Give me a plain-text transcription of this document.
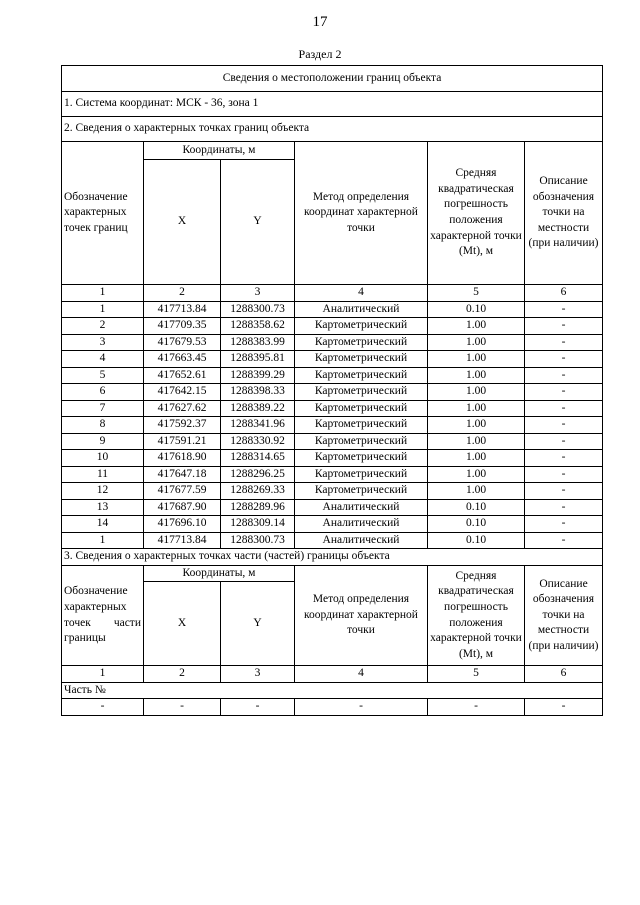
17
Раздел 2
Сведения о местоположении границ объекта					
1. Система координат: МСК - 36, зона 1					
2. Сведения о характерных точках границ объекта					
Обозначение характерных точек границ	Координаты, м		Метод определения координат характерной точки	Средняя квадратическая погрешность положения характерной точки (Mt), м	Описание обозначения точки на местности (при наличии)
	X	Y			
1	2	3	4	5	6
1	417713.84	1288300.73	Аналитический	0.10	-
2	417709.35	1288358.62	Картометрический	1.00	-
3	417679.53	1288383.99	Картометрический	1.00	-
4	417663.45	1288395.81	Картометрический	1.00	-
5	417652.61	1288399.29	Картометрический	1.00	-
6	417642.15	1288398.33	Картометрический	1.00	-
7	417627.62	1288389.22	Картометрический	1.00	-
8	417592.37	1288341.96	Картометрический	1.00	-
9	417591.21	1288330.92	Картометрический	1.00	-
10	417618.90	1288314.65	Картометрический	1.00	-
11	417647.18	1288296.25	Картометрический	1.00	-
12	417677.59	1288269.33	Картометрический	1.00	-
13	417687.90	1288289.96	Аналитический	0.10	-
14	417696.10	1288309.14	Аналитический	0.10	-
1	417713.84	1288300.73	Аналитический	0.10	-
3. Сведения о характерных точках части (частей) границы объекта					

Обозначение характерных точек части границы	Координаты, м		Метод определения координат характерной точки	Средняя квадратическая погрешность положения характерной точки (Mt), м	Описание обозначения точки на местности (при наличии)
	X	Y			
1	2	3	4	5	6
Часть №					
-	-	-	-	-	-
